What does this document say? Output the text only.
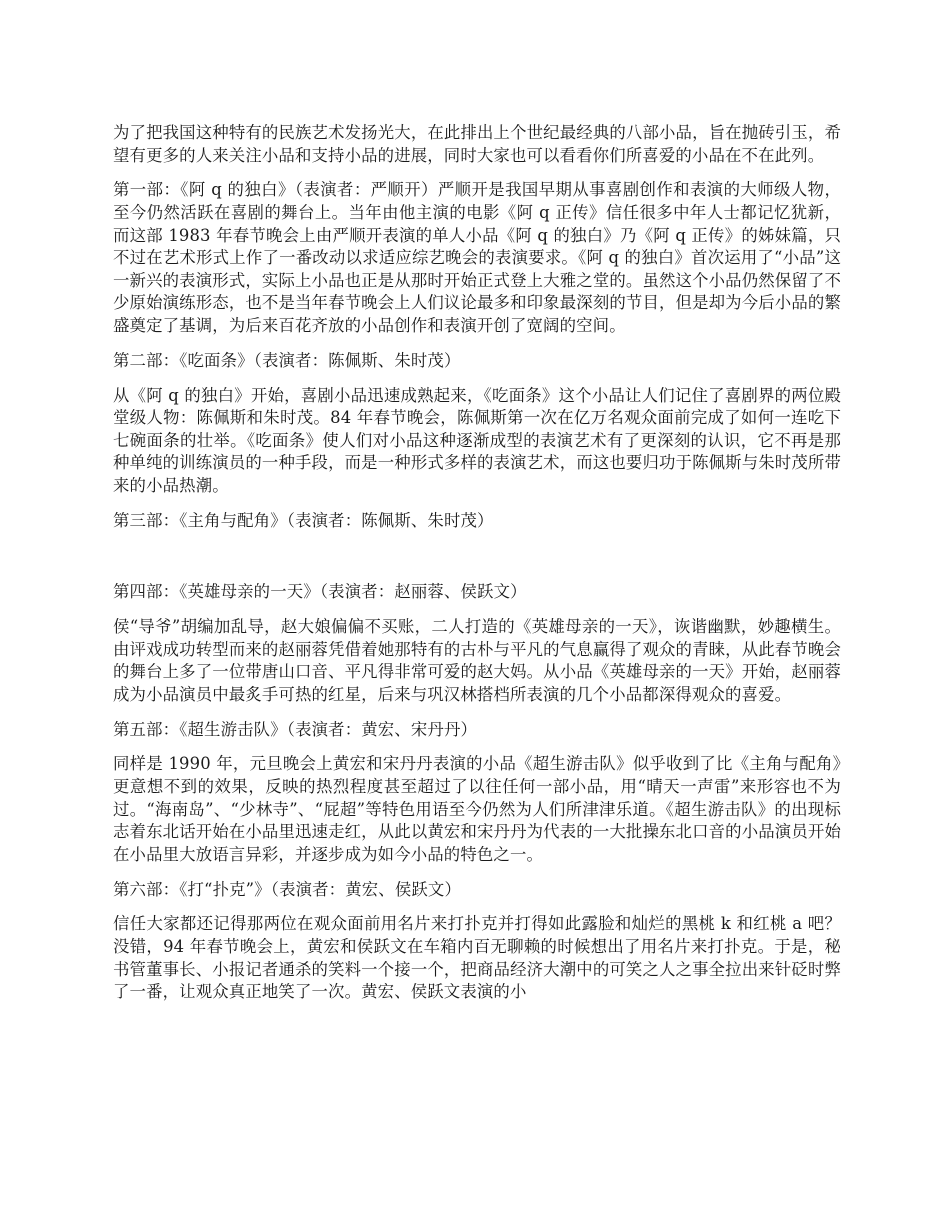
为了把我国这种特有的民族艺术发扬光大，在此排出上个世纪最经典的八部小品，旨在抛砖引玉，希望有更多的人来关注小品和支持小品的进展，同时大家也可以看看你们所喜爱的小品在不在此列。

第一部：《阿 q 的独白》（表演者：严顺开）严顺开是我国早期从事喜剧创作和表演的大师级人物，至今仍然活跃在喜剧的舞台上。当年由他主演的电影《阿 q 正传》信任很多中年人士都记忆犹新，而这部 1983 年春节晚会上由严顺开表演的单人小品《阿 q 的独白》乃《阿 q 正传》的姊妹篇，只不过在艺术形式上作了一番改动以求适应综艺晚会的表演要求。《阿 q 的独白》首次运用了“小品”这一新兴的表演形式，实际上小品也正是从那时开始正式登上大雅之堂的。虽然这个小品仍然保留了不少原始演练形态，也不是当年春节晚会上人们议论最多和印象最深刻的节目，但是却为今后小品的繁盛奠定了基调，为后来百花齐放的小品创作和表演开创了宽阔的空间。

第二部：《吃面条》（表演者：陈佩斯、朱时茂）

从《阿 q 的独白》开始，喜剧小品迅速成熟起来，《吃面条》这个小品让人们记住了喜剧界的两位殿堂级人物：陈佩斯和朱时茂。84 年春节晚会，陈佩斯第一次在亿万名观众面前完成了如何一连吃下七碗面条的壮举。《吃面条》使人们对小品这种逐渐成型的表演艺术有了更深刻的认识，它不再是那种单纯的训练演员的一种手段，而是一种形式多样的表演艺术，而这也要归功于陈佩斯与朱时茂所带来的小品热潮。

第三部：《主角与配角》（表演者：陈佩斯、朱时茂）

第四部：《英雄母亲的一天》（表演者：赵丽蓉、侯跃文）

侯“导爷”胡编加乱导，赵大娘偏偏不买账，二人打造的《英雄母亲的一天》，诙谐幽默，妙趣横生。由评戏成功转型而来的赵丽蓉凭借着她那特有的古朴与平凡的气息赢得了观众的青睐，从此春节晚会的舞台上多了一位带唐山口音、平凡得非常可爱的赵大妈。从小品《英雄母亲的一天》开始，赵丽蓉成为小品演员中最炙手可热的红星，后来与巩汉林搭档所表演的几个小品都深得观众的喜爱。

第五部：《超生游击队》（表演者：黄宏、宋丹丹）

同样是 1990 年，元旦晚会上黄宏和宋丹丹表演的小品《超生游击队》似乎收到了比《主角与配角》更意想不到的效果，反映的热烈程度甚至超过了以往任何一部小品，用“晴天一声雷”来形容也不为过。“海南岛”、“少林寺”、“屁超”等特色用语至今仍然为人们所津津乐道。《超生游击队》的出现标志着东北话开始在小品里迅速走红，从此以黄宏和宋丹丹为代表的一大批操东北口音的小品演员开始在小品里大放语言异彩，并逐步成为如今小品的特色之一。

第六部：《打“扑克”》（表演者：黄宏、侯跃文）

信任大家都还记得那两位在观众面前用名片来打扑克并打得如此露脸和灿烂的黑桃 k 和红桃 a 吧？没错，94 年春节晚会上，黄宏和侯跃文在车箱内百无聊赖的时候想出了用名片来打扑克。于是，秘书管董事长、小报记者通杀的笑料一个接一个，把商品经济大潮中的可笑之人之事全拉出来针砭时弊了一番，让观众真正地笑了一次。黄宏、侯跃文表演的小
